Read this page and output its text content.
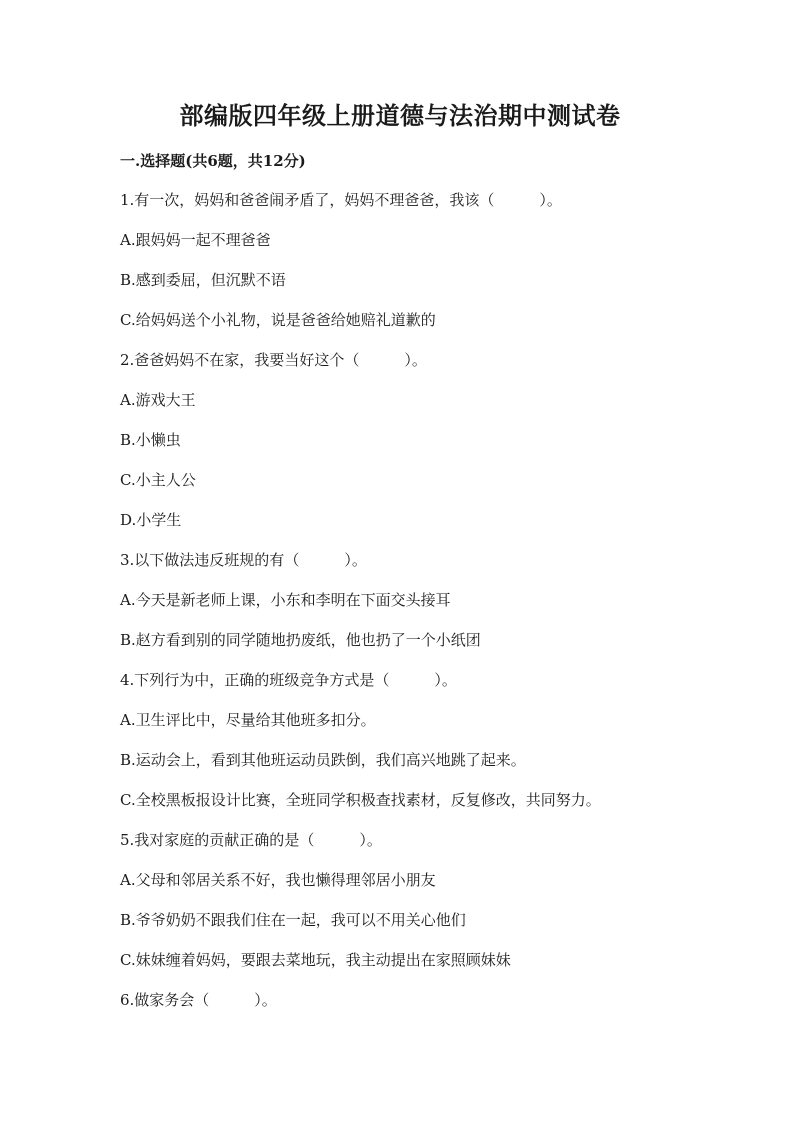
部编版四年级上册道德与法治期中测试卷
一.选择题(共6题，共12分)
1.有一次，妈妈和爸爸闹矛盾了，妈妈不理爸爸，我该（　　　）。
A.跟妈妈一起不理爸爸
B.感到委屈，但沉默不语
C.给妈妈送个小礼物，说是爸爸给她赔礼道歉的
2.爸爸妈妈不在家，我要当好这个（　　　）。
A.游戏大王
B.小懒虫
C.小主人公
D.小学生
3.以下做法违反班规的有（　　　）。
A.今天是新老师上课，小东和李明在下面交头接耳
B.赵方看到别的同学随地扔废纸，他也扔了一个小纸团
4.下列行为中，正确的班级竞争方式是（　　　）。
A.卫生评比中，尽量给其他班多扣分。
B.运动会上，看到其他班运动员跌倒，我们高兴地跳了起来。
C.全校黑板报设计比赛，全班同学积极查找素材，反复修改，共同努力。
5.我对家庭的贡献正确的是（　　　）。
A.父母和邻居关系不好，我也懒得理邻居小朋友
B.爷爷奶奶不跟我们住在一起，我可以不用关心他们
C.妹妹缠着妈妈，要跟去菜地玩，我主动提出在家照顾妹妹
6.做家务会（　　　）。
